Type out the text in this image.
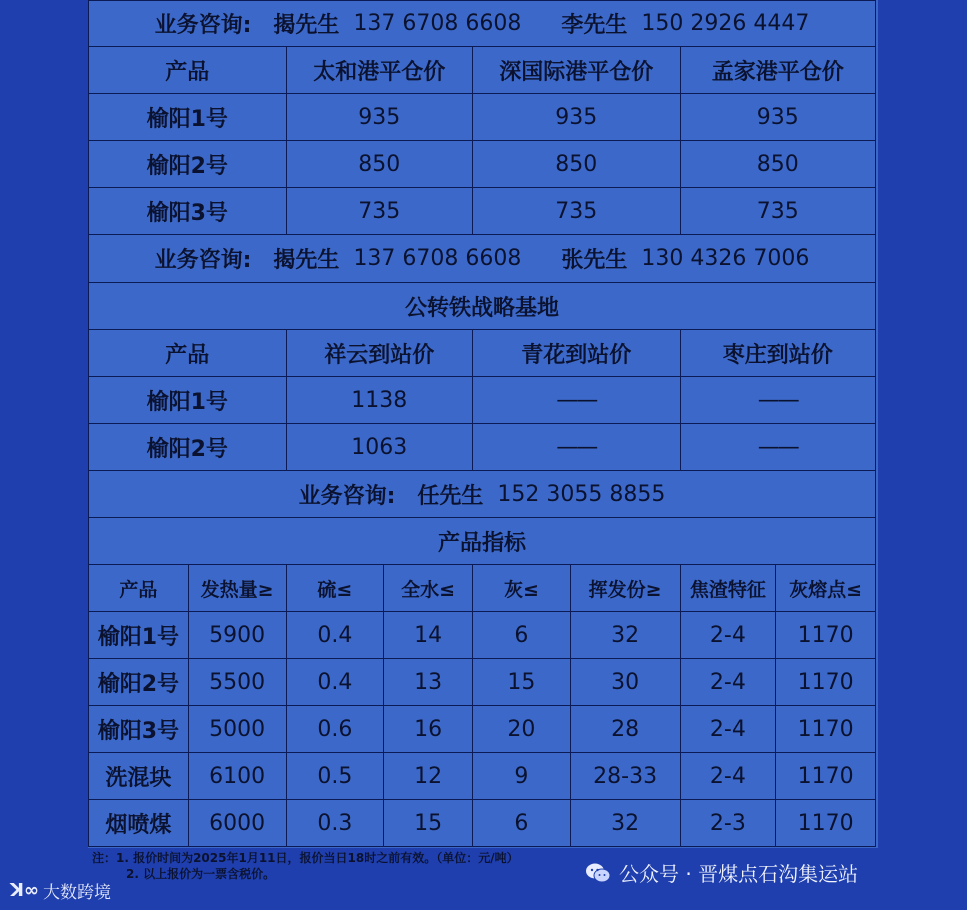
业务咨询: 揭先生 137 6708 6608 李先生 150 2926 4447
产品	太和港平仓价	深国际港平仓价	孟家港平仓价
榆阳1号	935	935	935
榆阳2号	850	850	850
榆阳3号	735	735	735
业务咨询: 揭先生 137 6708 6608 张先生 130 4326 7006
公转铁战略基地
产品	祥云到站价	青花到站价	枣庄到站价
榆阳1号	1138	——	——
榆阳2号	1063	——	——
业务咨询: 任先生 152 3055 8855
产品指标
产品	发热量≥	硫≤	全水≤	灰≤	挥发份≥	焦渣特征	灰熔点≤
榆阳1号	5900	0.4	14	6	32	2-4	1170
榆阳2号	5500	0.4	13	15	30	2-4	1170
榆阳3号	5000	0.6	16	20	28	2-4	1170
洗混块	6100	0.5	12	9	28-33	2-4	1170
烟喷煤	6000	0.3	15	6	32	2-3	1170
注：1. 报价时间为2025年1月11日，报价当日18时之前有效。（单位：元/吨）
2. 以上报价为一票含税价。
ꓘ∞ 大数跨境
公众号 · 晋煤点石沟集运站
